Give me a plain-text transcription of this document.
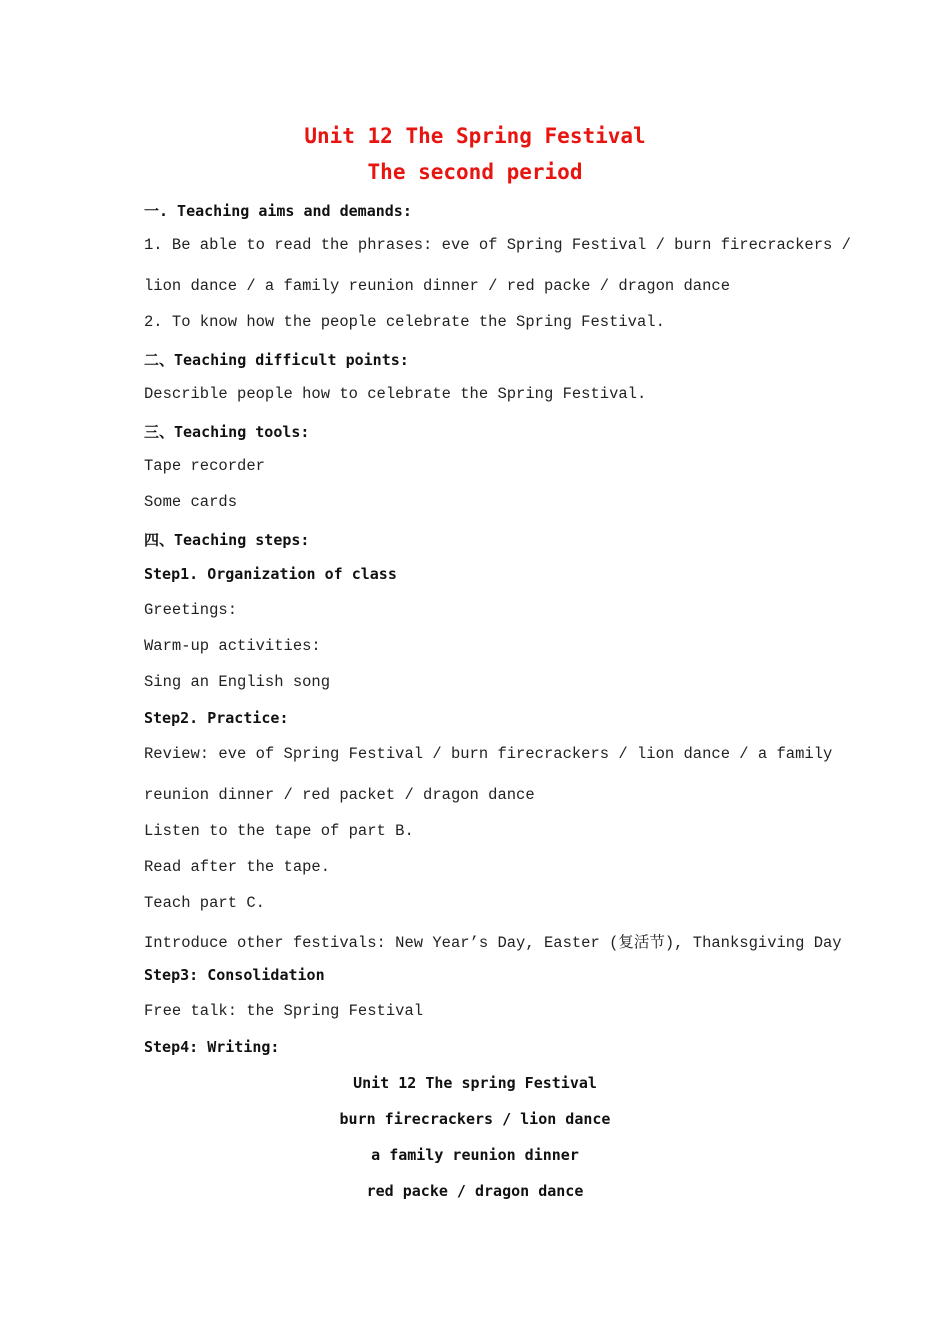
Unit 12 The Spring Festival
The second period
一. Teaching aims and demands:
1. Be able to read the phrases: eve of Spring Festival / burn firecrackers /
lion dance / a family reunion dinner / red packe / dragon dance
2. To know how the people celebrate the Spring Festival.
二、Teaching difficult points:
Describle people how to celebrate the Spring Festival.
三、Teaching tools:
Tape recorder
Some cards
四、Teaching steps:
Step1. Organization of class
Greetings:
Warm-up activities:
Sing an English song
Step2. Practice:
Review: eve of Spring Festival / burn firecrackers / lion dance / a family
reunion dinner / red packet / dragon dance
Listen to the tape of part B.
Read after the tape.
Teach part C.
Introduce other festivals: New Year’s Day, Easter (复活节), Thanksgiving Day
Step3: Consolidation
Free talk: the Spring Festival
Step4: Writing:
Unit 12 The spring Festival
burn firecrackers / lion dance
a family reunion dinner
red packe / dragon dance
